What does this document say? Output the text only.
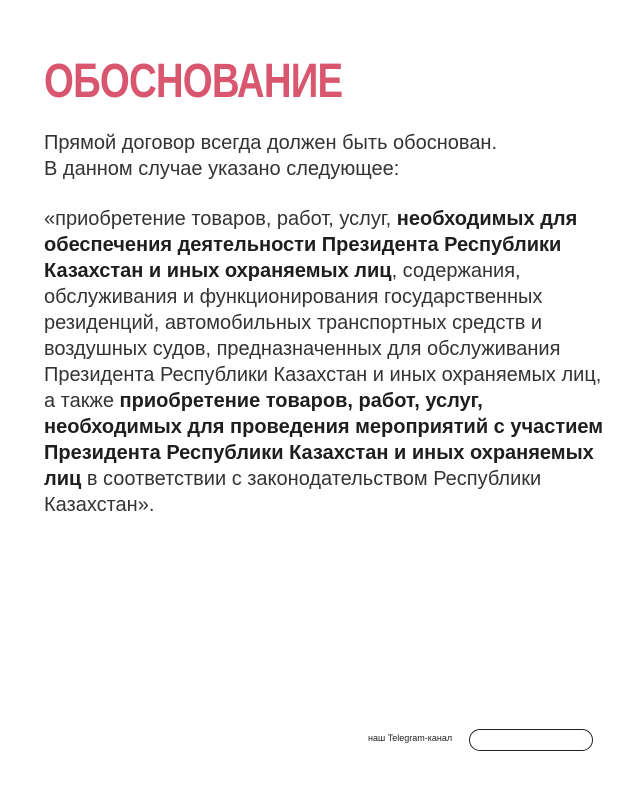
ОБОСНОВАНИЕ

Прямой договор всегда должен быть обоснован.
В данном случае указано следующее:

«приобретение товаров, работ, услуг, необходимых для обеспечения деятельности Президента Республики Казахстан и иных охраняемых лиц, содержания, обслуживания и функционирования государственных резиденций, автомобильных транспортных средств и воздушных судов, предназначенных для обслуживания Президента Республики Казахстан и иных охраняемых лиц, а также приобретение товаров, работ, услуг, необходимых для проведения мероприятий с участием Президента Республики Казахстан и иных охраняемых лиц в соответствии с законодательством Республики Казахстан».

наш Telegram-канал
